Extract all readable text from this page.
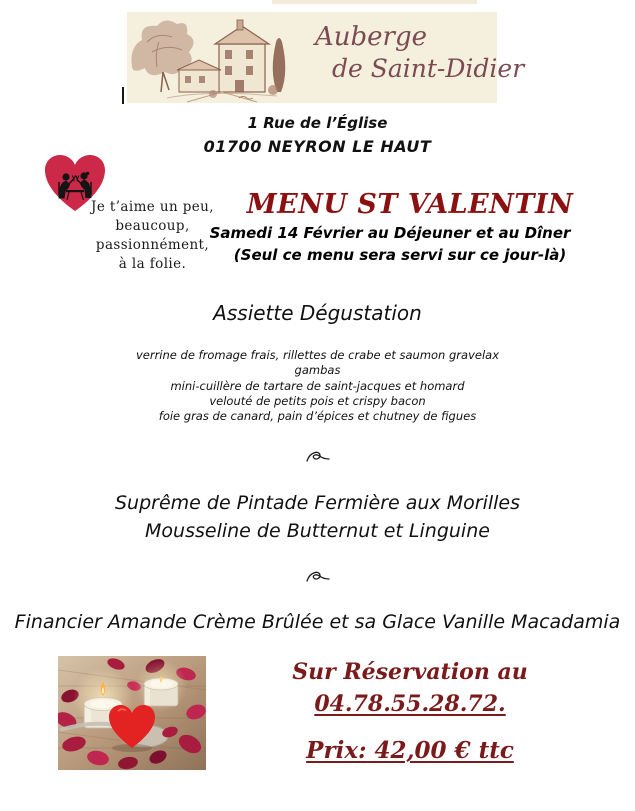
Auberge
de Saint-Didier
1 Rue de l’Église
01700 NEYRON LE HAUT
Je t’aime un peu,
beaucoup,
passionnément,
à la folie.
MENU ST VALENTIN
Samedi 14 Février au Déjeuner et au Dîner
(Seul ce menu sera servi sur ce jour-là)
Assiette Dégustation
verrine de fromage frais, rillettes de crabe et saumon gravelax
gambas
mini-cuillère de tartare de saint-jacques et homard
velouté de petits pois et crispy bacon
foie gras de canard, pain d’épices et chutney de figues
Suprême de Pintade Fermière aux Morilles
Mousseline de Butternut et Linguine
Financier Amande Crème Brûlée et sa Glace Vanille Macadamia
Sur Réservation au
04.78.55.28.72.
Prix: 42,00 € ttc
